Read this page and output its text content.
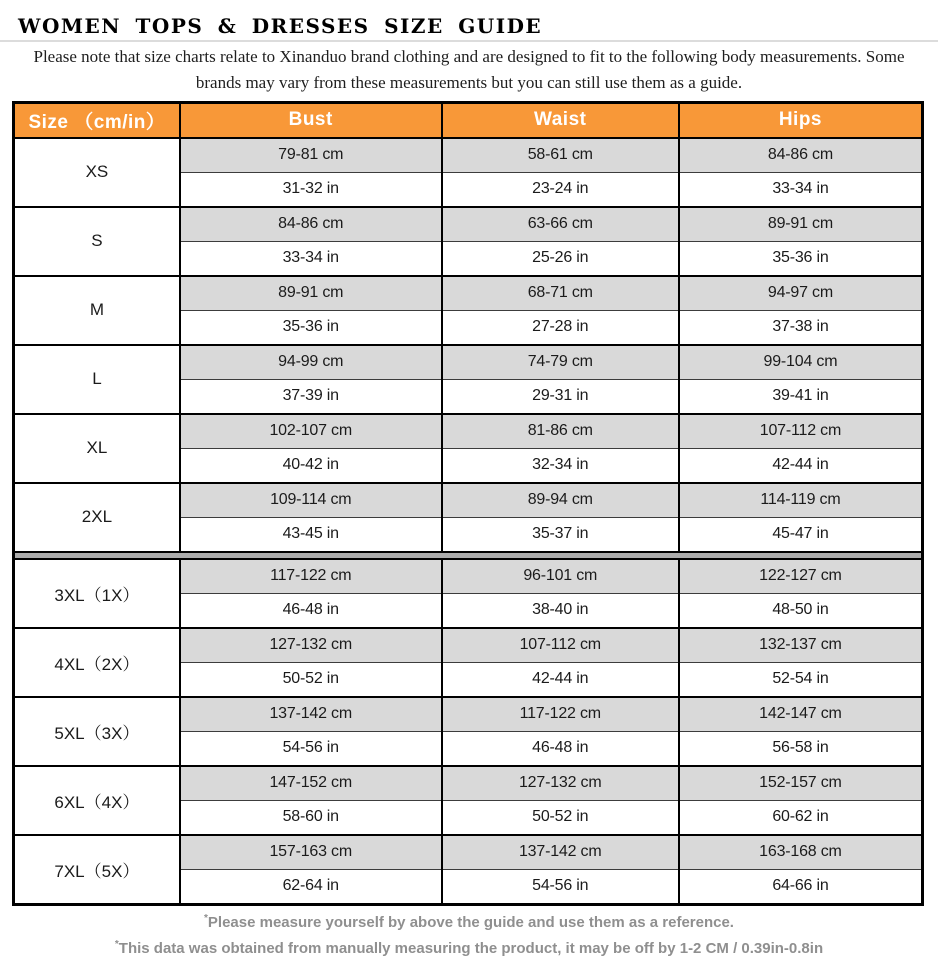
WOMEN TOPS & DRESSES SIZE GUIDE

Please note that size charts relate to Xinanduo brand clothing and are designed to fit to the following body measurements. Some brands may vary from these measurements but you can still use them as a guide.

Size （cm/in）	Bust	Waist	Hips
XS	79-81 cm	58-61 cm	84-86 cm
	31-32 in	23-24 in	33-34 in
S	84-86 cm	63-66 cm	89-91 cm
	33-34 in	25-26 in	35-36 in
M	89-91 cm	68-71 cm	94-97 cm
	35-36 in	27-28 in	37-38 in
L	94-99 cm	74-79 cm	99-104 cm
	37-39 in	29-31 in	39-41 in
XL	102-107 cm	81-86 cm	107-112 cm
	40-42 in	32-34 in	42-44 in
2XL	109-114 cm	89-94 cm	114-119 cm
	43-45 in	35-37 in	45-47 in

3XL（1X）	117-122 cm	96-101 cm	122-127 cm
	46-48 in	38-40 in	48-50 in
4XL（2X）	127-132 cm	107-112 cm	132-137 cm
	50-52 in	42-44 in	52-54 in
5XL（3X）	137-142 cm	117-122 cm	142-147 cm
	54-56 in	46-48 in	56-58 in
6XL（4X）	147-152 cm	127-132 cm	152-157 cm
	58-60 in	50-52 in	60-62 in
7XL（5X）	157-163 cm	137-142 cm	163-168 cm
	62-64 in	54-56 in	64-66 in
*Please measure yourself by above the guide and use them as a reference.
*This data was obtained from manually measuring the product, it may be off by 1-2 CM / 0.39in-0.8in
